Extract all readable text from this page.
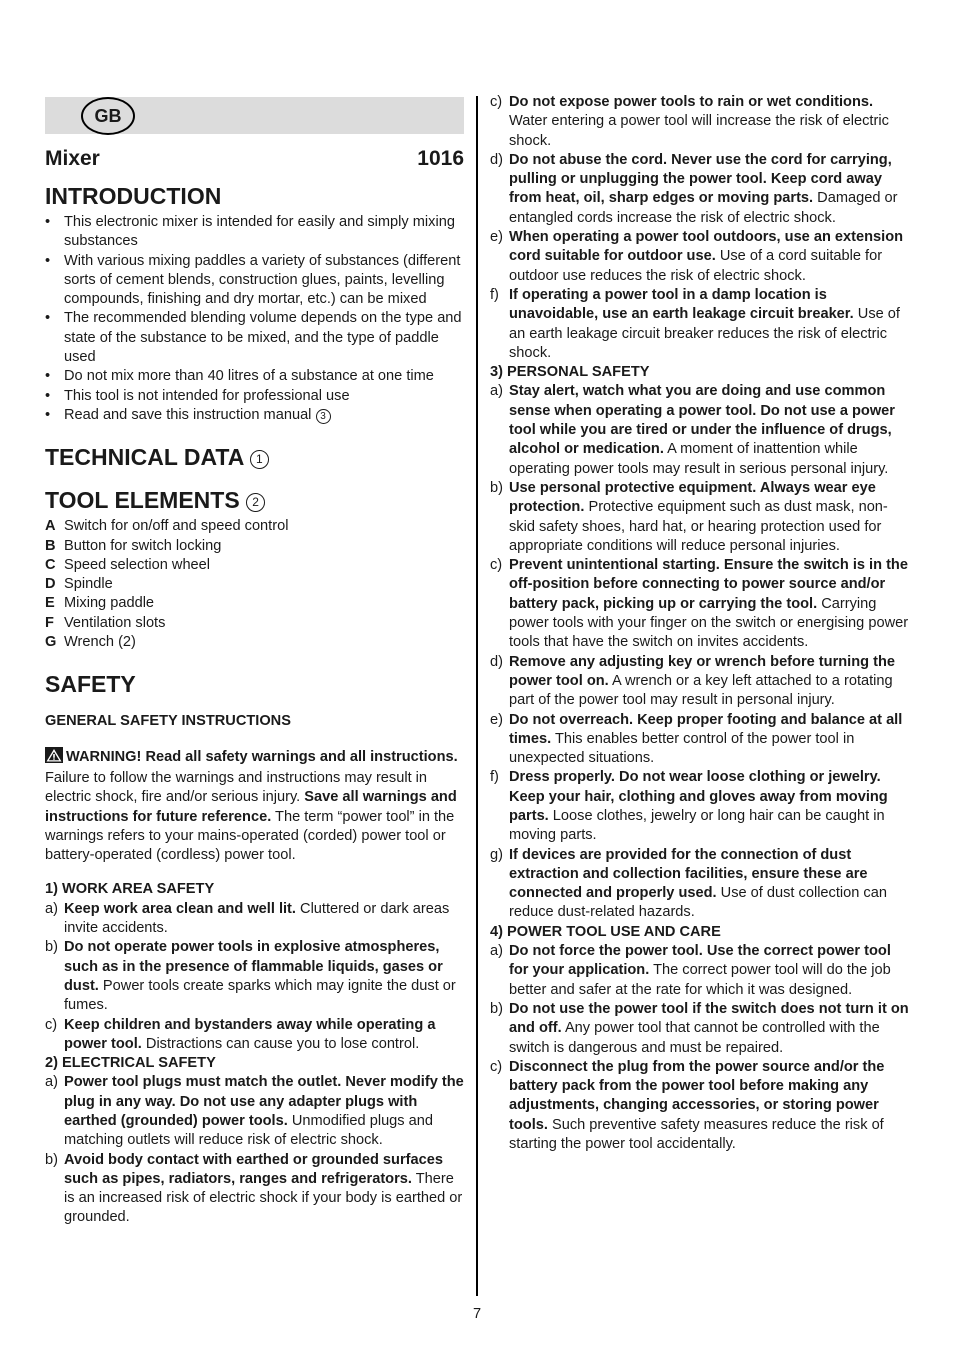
GB
Mixer	1016
INTRODUCTION
• This electronic mixer is intended for easily and simply mixing substances
• With various mixing paddles a variety of substances (different sorts of cement blends, construction glues, paints, levelling compounds, finishing and dry mortar, etc.) can be mixed
• The recommended blending volume depends on the type and state of the substance to be mixed, and the type of paddle used
• Do not mix more than 40 litres of a substance at one time
• This tool is not intended for professional use
• Read and save this instruction manual 3
TECHNICAL DATA 1
TOOL ELEMENTS 2
A Switch for on/off and speed control
B Button for switch locking
C Speed selection wheel
D Spindle
E Mixing paddle
F Ventilation slots
G Wrench (2)
SAFETY
GENERAL SAFETY INSTRUCTIONS
WARNING! Read all safety warnings and all instructions. Failure to follow the warnings and instructions may result in electric shock, fire and/or serious injury. Save all warnings and instructions for future reference. The term “power tool” in the warnings refers to your mains-operated (corded) power tool or battery-operated (cordless) power tool.
1) WORK AREA SAFETY
a) Keep work area clean and well lit. Cluttered or dark areas invite accidents.
b) Do not operate power tools in explosive atmospheres, such as in the presence of flammable liquids, gases or dust. Power tools create sparks which may ignite the dust or fumes.
c) Keep children and bystanders away while operating a power tool. Distractions can cause you to lose control.
2) ELECTRICAL SAFETY
a) Power tool plugs must match the outlet. Never modify the plug in any way. Do not use any adapter plugs with earthed (grounded) power tools. Unmodified plugs and matching outlets will reduce risk of electric shock.
b) Avoid body contact with earthed or grounded surfaces such as pipes, radiators, ranges and refrigerators. There is an increased risk of electric shock if your body is earthed or grounded.
c) Do not expose power tools to rain or wet conditions. Water entering a power tool will increase the risk of electric shock.
d) Do not abuse the cord. Never use the cord for carrying, pulling or unplugging the power tool. Keep cord away from heat, oil, sharp edges or moving parts. Damaged or entangled cords increase the risk of electric shock.
e) When operating a power tool outdoors, use an extension cord suitable for outdoor use. Use of a cord suitable for outdoor use reduces the risk of electric shock.
f) If operating a power tool in a damp location is unavoidable, use an earth leakage circuit breaker. Use of an earth leakage circuit breaker reduces the risk of electric shock.
3) PERSONAL SAFETY
a) Stay alert, watch what you are doing and use common sense when operating a power tool. Do not use a power tool while you are tired or under the influence of drugs, alcohol or medication. A moment of inattention while operating power tools may result in serious personal injury.
b) Use personal protective equipment. Always wear eye protection. Protective equipment such as dust mask, non-skid safety shoes, hard hat, or hearing protection used for appropriate conditions will reduce personal injuries.
c) Prevent unintentional starting. Ensure the switch is in the off-position before connecting to power source and/or battery pack, picking up or carrying the tool. Carrying power tools with your finger on the switch or energising power tools that have the switch on invites accidents.
d) Remove any adjusting key or wrench before turning the power tool on. A wrench or a key left attached to a rotating part of the power tool may result in personal injury.
e) Do not overreach. Keep proper footing and balance at all times. This enables better control of the power tool in unexpected situations.
f) Dress properly. Do not wear loose clothing or jewelry. Keep your hair, clothing and gloves away from moving parts. Loose clothes, jewelry or long hair can be caught in moving parts.
g) If devices are provided for the connection of dust extraction and collection facilities, ensure these are connected and properly used. Use of dust collection can reduce dust-related hazards.
4) POWER TOOL USE AND CARE
a) Do not force the power tool. Use the correct power tool for your application. The correct power tool will do the job better and safer at the rate for which it was designed.
b) Do not use the power tool if the switch does not turn it on and off. Any power tool that cannot be controlled with the switch is dangerous and must be repaired.
c) Disconnect the plug from the power source and/or the battery pack from the power tool before making any adjustments, changing accessories, or storing power tools. Such preventive safety measures reduce the risk of starting the power tool accidentally.
7
